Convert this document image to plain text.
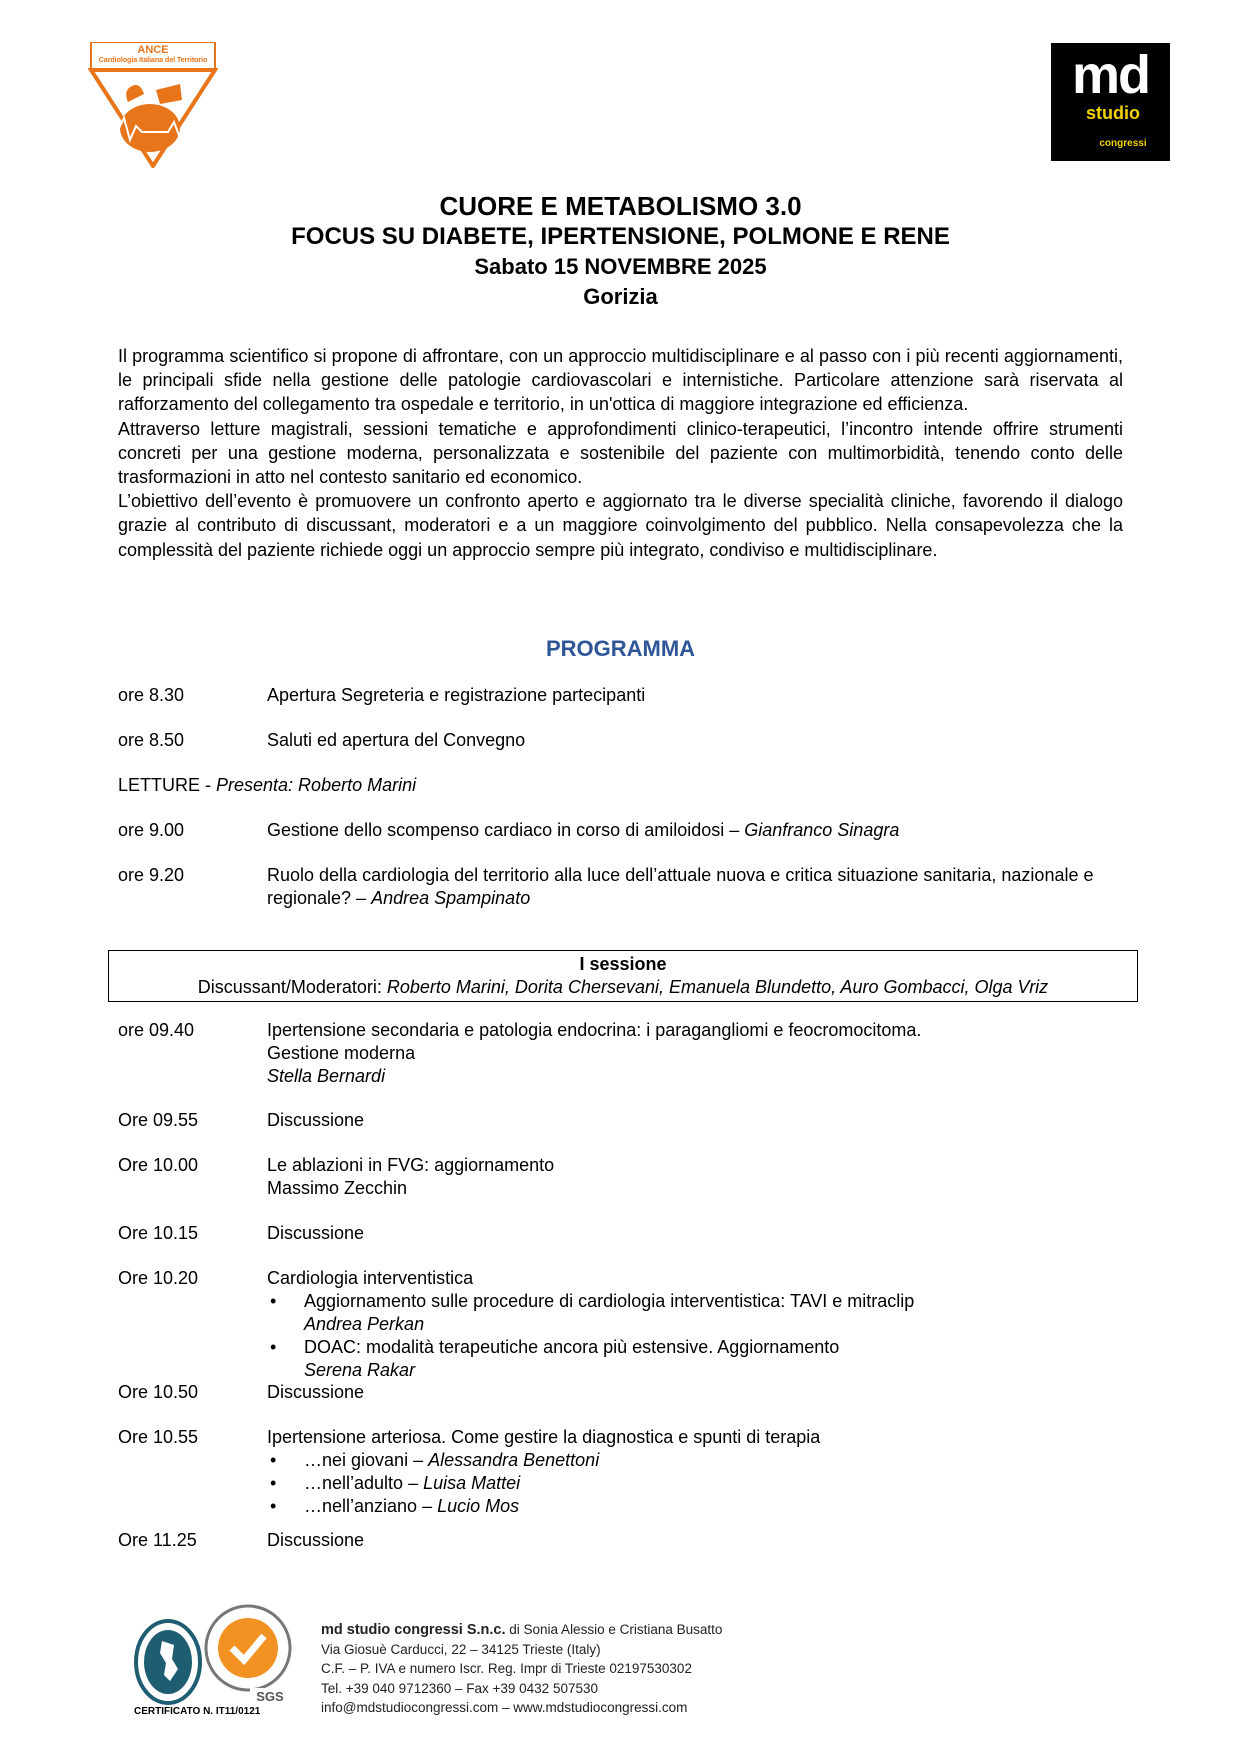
ANCE
Cardiologia Italiana del Territorio	md
studio
congressi
CUORE E METABOLISMO 3.0
FOCUS SU DIABETE, IPERTENSIONE, POLMONE E RENE
Sabato 15 NOVEMBRE 2025
Gorizia

Il programma scientifico si propone di affrontare, con un approccio multidisciplinare e al passo con i più recenti aggiornamenti, le principali sfide nella gestione delle patologie cardiovascolari e internistiche. Particolare attenzione sarà riservata al rafforzamento del collegamento tra ospedale e territorio, in un'ottica di maggiore integrazione ed efficienza.

Attraverso letture magistrali, sessioni tematiche e approfondimenti clinico-terapeutici, l’incontro intende offrire strumenti concreti per una gestione moderna, personalizzata e sostenibile del paziente con multimorbidità, tenendo conto delle trasformazioni in atto nel contesto sanitario ed economico.

L’obiettivo dell’evento è promuovere un confronto aperto e aggiornato tra le diverse specialità cliniche, favorendo il dialogo grazie al contributo di discussant, moderatori e a un maggiore coinvolgimento del pubblico. Nella consapevolezza che la complessità del paziente richiede oggi un approccio sempre più integrato, condiviso e multidisciplinare.

PROGRAMMA
ore 8.30	Apertura Segreteria e registrazione partecipanti
ore 8.50	Saluti ed apertura del Convegno
LETTURE - Presenta: Roberto Marini
ore 9.00	Gestione dello scompenso cardiaco in corso di amiloidosi – Gianfranco Sinagra
ore 9.20	Ruolo della cardiologia del territorio alla luce dell’attuale nuova e critica situazione sanitaria, nazionale e regionale? – Andrea Spampinato
I sessione
Discussant/Moderatori: Roberto Marini, Dorita Chersevani, Emanuela Blundetto, Auro Gombacci, Olga Vriz
ore 09.40	Ipertensione secondaria e patologia endocrina: i paragangliomi e feocromocitoma.
Gestione moderna
Stella Bernardi
Ore 09.55	Discussione
Ore 10.00	Le ablazioni in FVG: aggiornamento
Massimo Zecchin
Ore 10.15	Discussione
Ore 10.20	Cardiologia interventistica
• Aggiornamento sulle procedure di cardiologia interventistica: TAVI e mitraclip
Andrea Perkan
• DOAC: modalità terapeutiche ancora più estensive. Aggiornamento
Serena Rakar
Ore 10.50	Discussione
Ore 10.55	Ipertensione arteriosa. Come gestire la diagnostica e spunti di terapia
• …nei giovani – Alessandra Benettoni
• …nell’adulto – Luisa Mattei
• …nell’anziano – Lucio Mos
Ore 11.25	Discussione
SGS
CERTIFICATO N. IT11/0121
md studio congressi S.n.c. di Sonia Alessio e Cristiana Busatto
Via Giosuè Carducci, 22 – 34125 Trieste (Italy)
C.F. – P. IVA e numero Iscr. Reg. Impr di Trieste 02197530302
Tel. +39 040 9712360 – Fax +39 0432 507530
info@mdstudiocongressi.com – www.mdstudiocongressi.com
